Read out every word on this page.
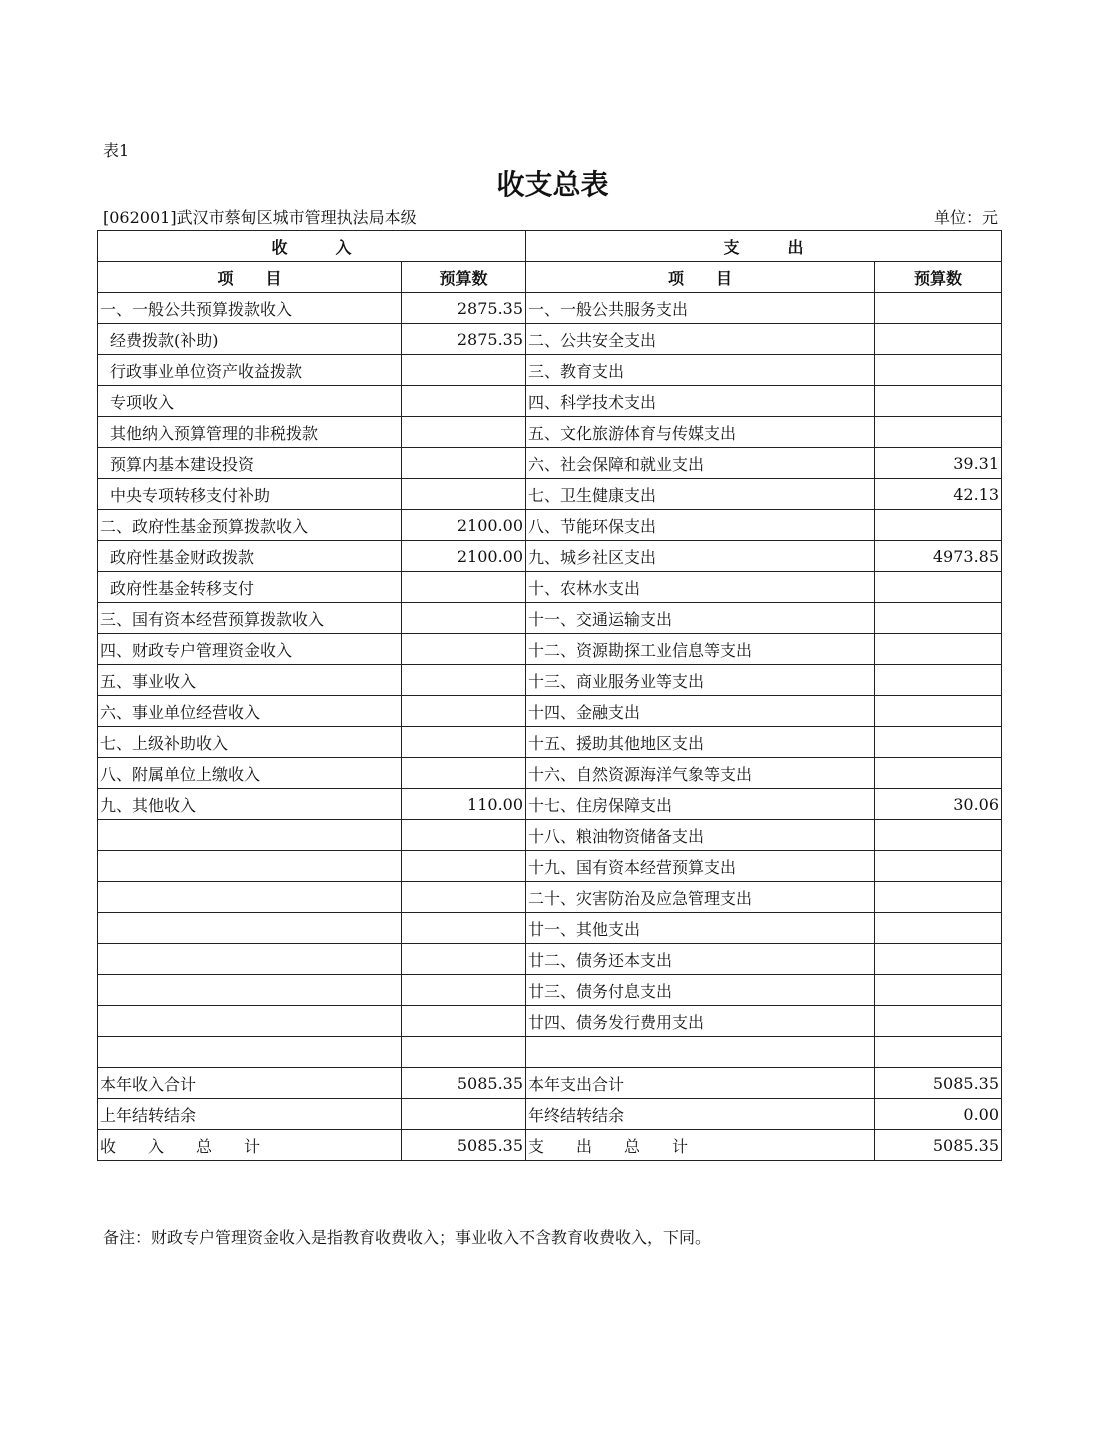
表1
收支总表
[062001]武汉市蔡甸区城市管理执法局本级	单位：元
收　　　入		支　　　出	
项　　目	预算数	项　　目	预算数
一、一般公共预算拨款收入	2875.35	一、一般公共服务支出	
经费拨款(补助)	2875.35	二、公共安全支出	
行政事业单位资产收益拨款		三、教育支出	
专项收入		四、科学技术支出	
其他纳入预算管理的非税拨款		五、文化旅游体育与传媒支出	
预算内基本建设投资		六、社会保障和就业支出	39.31
中央专项转移支付补助		七、卫生健康支出	42.13
二、政府性基金预算拨款收入	2100.00	八、节能环保支出	
政府性基金财政拨款	2100.00	九、城乡社区支出	4973.85
政府性基金转移支付		十、农林水支出	
三、国有资本经营预算拨款收入		十一、交通运输支出	
四、财政专户管理资金收入		十二、资源勘探工业信息等支出	
五、事业收入		十三、商业服务业等支出	
六、事业单位经营收入		十四、金融支出	
七、上级补助收入		十五、援助其他地区支出	
八、附属单位上缴收入		十六、自然资源海洋气象等支出	
九、其他收入	110.00	十七、住房保障支出	30.06
		十八、粮油物资储备支出	
		十九、国有资本经营预算支出	
		二十、灾害防治及应急管理支出	
		廿一、其他支出	
		廿二、债务还本支出	
		廿三、债务付息支出	
		廿四、债务发行费用支出	

本年收入合计	5085.35	本年支出合计	5085.35
上年结转结余		年终结转结余	0.00
收　　入　　总　　计	5085.35	支　　出　　总　　计	5085.35
备注：财政专户管理资金收入是指教育收费收入；事业收入不含教育收费收入，下同。
